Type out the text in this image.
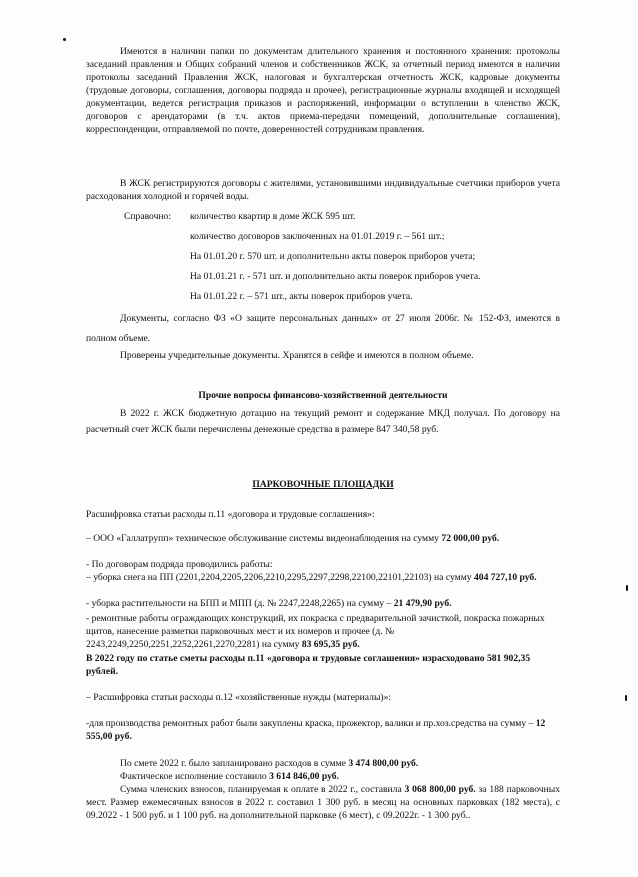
Имеются в наличии папки по документам длительного хранения и постоянного хранения: протоколы заседаний правления и Общих собраний членов и собственников ЖСК, за отчетный период имеются в наличии протоколы заседаний Правления ЖСК, налоговая и бухгалтерская отчетность ЖСК, кадровые документы (трудовые договоры, соглашения, договоры подряда и прочее), регистрационные журналы входящей и исходящей документации, ведется регистрация приказов и распоряжений, информации о вступлении в членство ЖСК, договоров с арендаторами (в т.ч. актов приема-передачи помещений, дополнительные соглашения), корреспонденции, отправляемой по почте, доверенностей сотрудникам правления.

В ЖСК регистрируются договоры с жителями, установившими индивидуальные счетчики приборов учета расходования холодной и горячей воды.

Справочно: количество квартир в доме ЖСК 595 шт.
количество договоров заключенных на 01.01.2019 г. – 561 шт.;
На 01.01.20 г. 570 шт. и дополнительно акты поверок приборов учета;
На 01.01.21 г. - 571 шт. и дополнительно акты поверок приборов учета.
На 01.01.22 г. – 571 шт., акты поверок приборов учета.

Документы, согласно ФЗ «О защите персональных данных» от 27 июля 2006г. № 152-ФЗ, имеются в полном объеме.

Проверены учредительные документы. Хранятся в сейфе и имеются в полном объеме.

Прочие вопросы финансово-хозяйственной деятельности

В 2022 г. ЖСК бюджетную дотацию на текущий ремонт и содержание МКД получал. По договору на расчетный счет ЖСК были перечислены денежные средства в размере 847 340,58 руб.

ПАРКОВОЧНЫЕ ПЛОЩАДКИ
Расшифровка статьи расходы п.11 «договора и трудовые соглашения»:

– ООО «Галлатрупп» техническое обслуживание системы видеонаблюдения на сумму 72 000,00 руб.

- По договорам подряда проводились работы:

– уборка снега на ПП (2201,2204,2205,2206,2210,2295,2297,2298,22100,22101,22103) на сумму 404 727,10 руб.

- уборка растительности на БПП и МПП (д. № 2247,2248,2265) на сумму – 21 479,90 руб.

- ремонтные работы ограждающих конструкций, их покраска с предварительной зачисткой, покраска пожарных щитов, нанесение разметки парковочных мест и их номеров и прочее (д. № 2243,2249,2250,2251,2252,2261,2270,2281) на сумму 83 695,35 руб.

В 2022 году по статье сметы расходы п.11 «договора и трудовые соглашения» израсходовано 581 902,35 рублей.

– Расшифровка статьи расходы п.12 «хозяйственные нужды (материалы)»:

-для производства ремонтных работ были закуплены краска, прожектор, валики и пр.хоз.средства на сумму – 12 555,00 руб.

По смете 2022 г. было запланировано расходов в сумме 3 474 800,00 руб.
Фактическое исполнение составило 3 614 846,00 руб.

Сумма членских взносов, планируемая к оплате в 2022 г., составила 3 068 800,00 руб. за 188 парковочных мест. Размер ежемесячных взносов в 2022 г. составил 1 300 руб. в месяц на основных парковках (182 места), с 09.2022 - 1 500 руб. и 1 100 руб. на дополнительной парковке (6 мест), с 09.2022г. - 1 300 руб..
